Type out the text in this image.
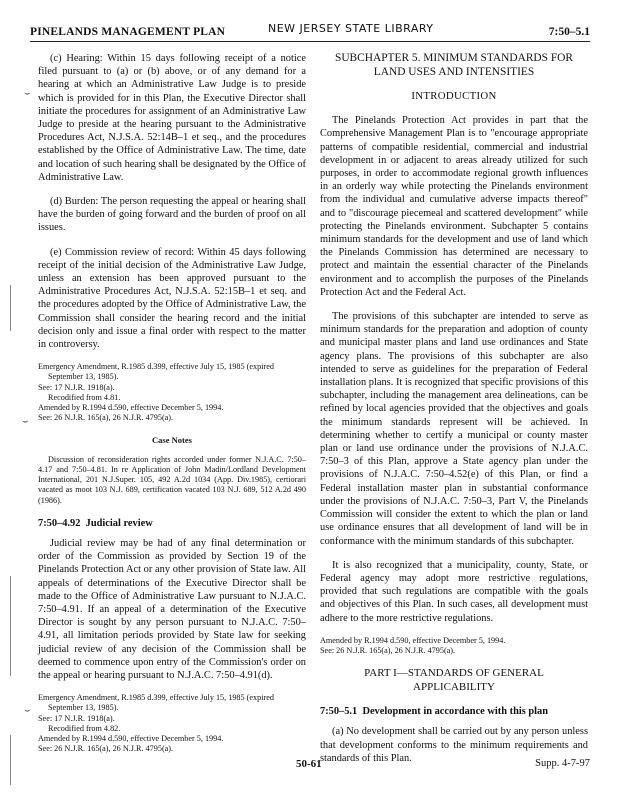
PINELANDS MANAGEMENT PLAN	NEW JERSEY STATE LIBRARY	7:50–5.1
⌣
⌣
⌣

(c) Hearing: Within 15 days following receipt of a notice filed pursuant to (a) or (b) above, or of any demand for a hearing at which an Administrative Law Judge is to preside which is provided for in this Plan, the Executive Director shall initiate the procedures for assignment of an Administrative Law Judge to preside at the hearing pursuant to the Administrative Procedures Act, N.J.S.A. 52:14B–1 et seq., and the procedures established by the Office of Administrative Law. The time, date and location of such hearing shall be designated by the Office of Administrative Law.

(d) Burden: The person requesting the appeal or hearing shall have the burden of going forward and the burden of proof on all issues.

(e) Commission review of record: Within 45 days following receipt of the initial decision of the Administrative Law Judge, unless an extension has been approved pursuant to the Administrative Procedures Act, N.J.S.A. 52:15B–1 et seq. and the procedures adopted by the Office of Administrative Law, the Commission shall consider the hearing record and the initial decision only and issue a final order with respect to the matter in controversy.

Emergency Amendment, R.1985 d.399, effective July 15, 1985 (expired

September 13, 1985).

See: 17 N.J.R. 1918(a).

Recodified from 4.81.

Amended by R.1994 d.590, effective December 5, 1994.

See: 26 N.J.R. 165(a), 26 N.J.R. 4795(a).

Case Notes

Discussion of reconsideration rights accorded under former N.J.A.C. 7:50–4.17 and 7:50–4.81. In re Application of John Madin/Lordland Development International, 201 N.J.Super. 105, 492 A.2d 1034 (App. Div.1985), certiorari vacated as moot 103 N.J. 689, certification vacated 103 N.J. 689, 512 A.2d 490 (1986).

7:50–4.92 Judicial review

Judicial review may be had of any final determination or order of the Commission as provided by Section 19 of the Pinelands Protection Act or any other provision of State law. All appeals of determinations of the Executive Director shall be made to the Office of Administrative Law pursuant to N.J.A.C. 7:50–4.91. If an appeal of a determination of the Executive Director is sought by any person pursuant to N.J.A.C. 7:50–4.91, all limitation periods provided by State law for seeking judicial review of any decision of the Commission shall be deemed to commence upon entry of the Commission's order on the appeal or hearing pursuant to N.J.A.C. 7:50–4.91(d).

Emergency Amendment, R.1985 d.399, effective July 15, 1985 (expired

September 13, 1985).

See: 17 N.J.R. 1918(a).

Recodified from 4.82.

Amended by R.1994 d.590, effective December 5, 1994.

See: 26 N.J.R. 165(a), 26 N.J.R. 4795(a).

SUBCHAPTER 5. MINIMUM STANDARDS FOR
LAND USES AND INTENSITIES

INTRODUCTION

The Pinelands Protection Act provides in part that the Comprehensive Management Plan is to "encourage appropriate patterns of compatible residential, commercial and industrial development in or adjacent to areas already utilized for such purposes, in order to accommodate regional growth influences in an orderly way while protecting the Pinelands environment from the individual and cumulative adverse impacts thereof" and to "discourage piecemeal and scattered development" while protecting the Pinelands environment. Subchapter 5 contains minimum standards for the development and use of land which the Pinelands Commission has determined are necessary to protect and maintain the essential character of the Pinelands environment and to accomplish the purposes of the Pinelands Protection Act and the Federal Act.

The provisions of this subchapter are intended to serve as minimum standards for the preparation and adoption of county and municipal master plans and land use ordinances and State agency plans. The provisions of this subchapter are also intended to serve as guidelines for the preparation of Federal installation plans. It is recognized that specific provisions of this subchapter, including the management area delineations, can be refined by local agencies provided that the objectives and goals the minimum standards represent will be achieved. In determining whether to certify a municipal or county master plan or land use ordinance under the provisions of N.J.A.C. 7:50–3 of this Plan, approve a State agency plan under the provisions of N.J.A.C. 7:50–4.52(e) of this Plan, or find a Federal installation master plan in substantial conformance under the provisions of N.J.A.C. 7:50–3, Part V, the Pinelands Commission will consider the extent to which the plan or land use ordinance ensures that all development of land will be in conformance with the minimum standards of this subchapter.

It is also recognized that a municipality, county, State, or Federal agency may adopt more restrictive regulations, provided that such regulations are compatible with the goals and objectives of this Plan. In such cases, all development must adhere to the more restrictive regulations.

Amended by R.1994 d.590, effective December 5, 1994.

See: 26 N.J.R. 165(a), 26 N.J.R. 4795(a).

PART I—STANDARDS OF GENERAL
APPLICABILITY

7:50–5.1 Development in accordance with this plan

(a) No development shall be carried out by any person unless that development conforms to the minimum requirements and standards of this Plan.

50-61	Supp. 4-7-97
